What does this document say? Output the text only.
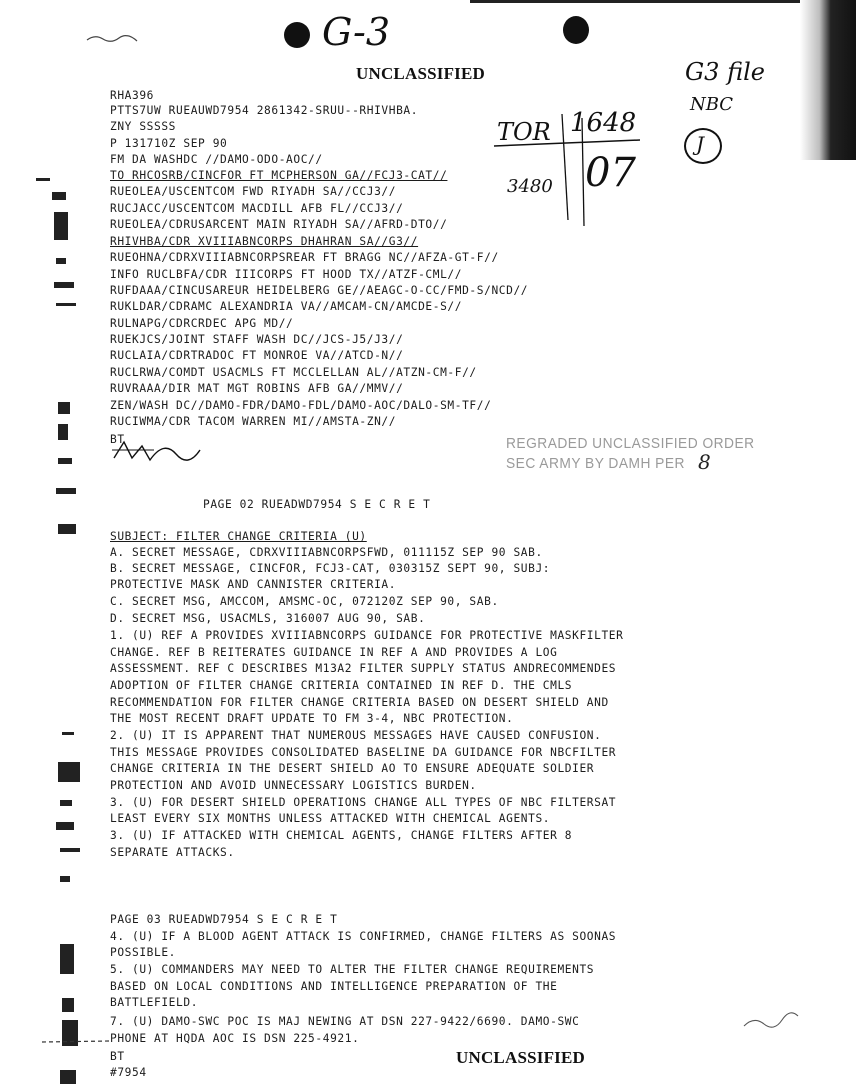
G-3
G3 file
NBC
J
UNCLASSIFIED
TOR 1648
07
3480
RHA396
PTTS7UW RUEAUWD7954 2861342-SRUU--RHIVHBA.
ZNY SSSSS
P 131710Z SEP 90
FM DA WASHDC //DAMO-ODO-AOC//
TO RHCOSRB/CINCFOR FT MCPHERSON GA//FCJ3-CAT//
RUEOLEA/USCENTCOM FWD RIYADH SA//CCJ3//
RUCJACC/USCENTCOM MACDILL AFB FL//CCJ3//
RUEOLEA/CDRUSARCENT MAIN RIYADH SA//AFRD-DTO//
RHIVHBA/CDR XVIIIABNCORPS DHAHRAN SA//G3//
RUEOHNA/CDRXVIIIABNCORPSREAR FT BRAGG NC//AFZA-GT-F//
INFO RUCLBFA/CDR IIICORPS FT HOOD TX//ATZF-CML//
RUFDAAA/CINCUSAREUR HEIDELBERG GE//AEAGC-O-CC/FMD-S/NCD//
RUKLDAR/CDRAMC ALEXANDRIA VA//AMCAM-CN/AMCDE-S//
RULNAPG/CDRCRDEC APG MD//
RUEKJCS/JOINT STAFF WASH DC//JCS-J5/J3//
RUCLAIA/CDRTRADOC FT MONROE VA//ATCD-N//
RUCLRWA/COMDT USACMLS FT MCCLELLAN AL//ATZN-CM-F//
RUVRAAA/DIR MAT MGT ROBINS AFB GA//MMV//
ZEN/WASH DC//DAMO-FDR/DAMO-FDL/DAMO-AOC/DALO-SM-TF//
RUCIWMA/CDR TACOM WARREN MI//AMSTA-ZN//
BT	REGRADED UNCLASSIFIED ORDER
SEC ARMY BY DAMH PER 8
PAGE 02 RUEADWD7954 S E C R E T
SUBJECT: FILTER CHANGE CRITERIA (U)
A. SECRET MESSAGE, CDRXVIIIABNCORPSFWD, 011115Z SEP 90 SAB.
B. SECRET MESSAGE, CINCFOR, FCJ3-CAT, 030315Z SEPT 90, SUBJ:
PROTECTIVE MASK AND CANNISTER CRITERIA.
C. SECRET MSG, AMCCOM, AMSMC-OC, 072120Z SEP 90, SAB.
D. SECRET MSG, USACMLS, 316007 AUG 90, SAB.
1. (U) REF A PROVIDES XVIIIABNCORPS GUIDANCE FOR PROTECTIVE MASKFILTER
CHANGE. REF B REITERATES GUIDANCE IN REF A AND PROVIDES A LOG
ASSESSMENT. REF C DESCRIBES M13A2 FILTER SUPPLY STATUS ANDRECOMMENDES
ADOPTION OF FILTER CHANGE CRITERIA CONTAINED IN REF D. THE CMLS
RECOMMENDATION FOR FILTER CHANGE CRITERIA BASED ON DESERT SHIELD AND
THE MOST RECENT DRAFT UPDATE TO FM 3-4, NBC PROTECTION.
2. (U) IT IS APPARENT THAT NUMEROUS MESSAGES HAVE CAUSED CONFUSION.
THIS MESSAGE PROVIDES CONSOLIDATED BASELINE DA GUIDANCE FOR NBCFILTER
CHANGE CRITERIA IN THE DESERT SHIELD AO TO ENSURE ADEQUATE SOLDIER
PROTECTION AND AVOID UNNECESSARY LOGISTICS BURDEN.
3. (U) FOR DESERT SHIELD OPERATIONS CHANGE ALL TYPES OF NBC FILTERSAT
LEAST EVERY SIX MONTHS UNLESS ATTACKED WITH CHEMICAL AGENTS.
3. (U) IF ATTACKED WITH CHEMICAL AGENTS, CHANGE FILTERS AFTER 8
SEPARATE ATTACKS.
PAGE 03 RUEADWD7954 S E C R E T
4. (U) IF A BLOOD AGENT ATTACK IS CONFIRMED, CHANGE FILTERS AS SOONAS
POSSIBLE.
5. (U) COMMANDERS MAY NEED TO ALTER THE FILTER CHANGE REQUIREMENTS
BASED ON LOCAL CONDITIONS AND INTELLIGENCE PREPARATION OF THE
BATTLEFIELD.
7. (U) DAMO-SWC POC IS MAJ NEWING AT DSN 227-9422/6690. DAMO-SWC
PHONE AT HQDA AOC IS DSN 225-4921.
BT
#7954
UNCLASSIFIED
